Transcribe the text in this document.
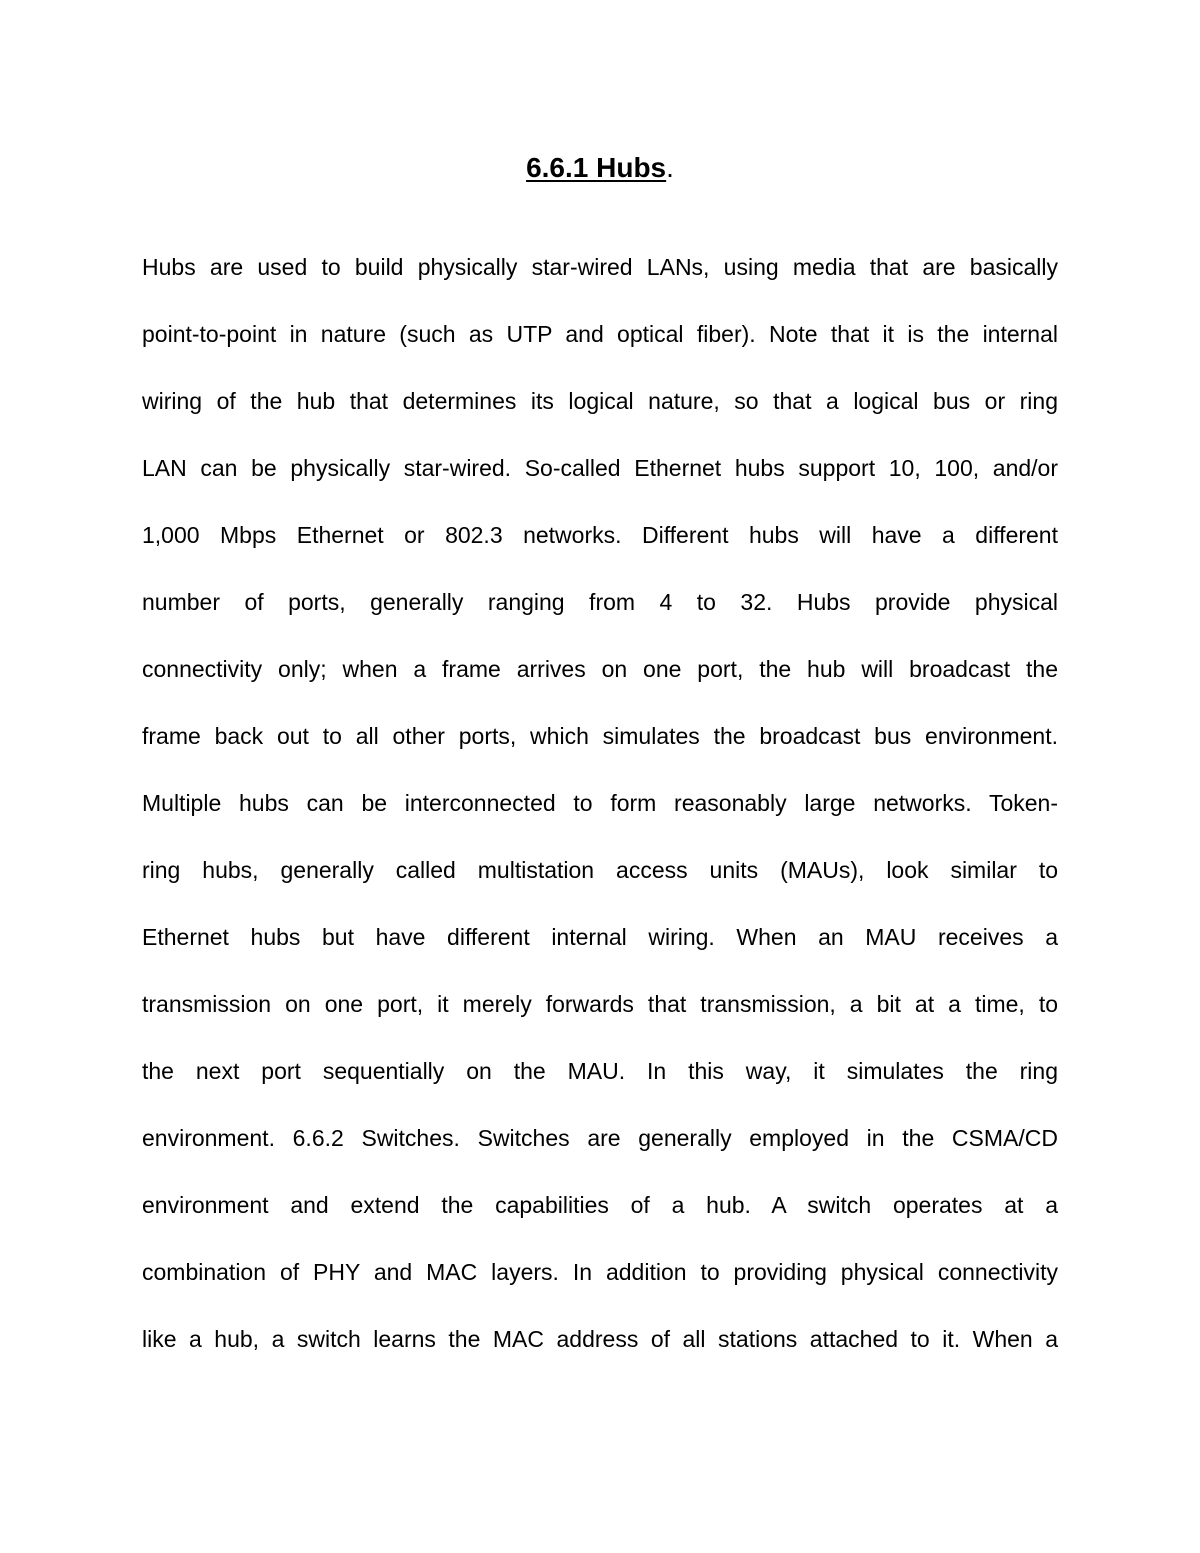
6.6.1 Hubs.
Hubs are used to build physically star-wired LANs, using media that are basically
point-to-point in nature (such as UTP and optical fiber). Note that it is the internal
wiring of the hub that determines its logical nature, so that a logical bus or ring
LAN can be physically star-wired. So-called Ethernet hubs support 10, 100, and/or
1,000 Mbps Ethernet or 802.3 networks. Different hubs will have a different
number of ports, generally ranging from 4 to 32. Hubs provide physical
connectivity only; when a frame arrives on one port, the hub will broadcast the
frame back out to all other ports, which simulates the broadcast bus environment.
Multiple hubs can be interconnected to form reasonably large networks. Token-
ring hubs, generally called multistation access units (MAUs), look similar to
Ethernet hubs but have different internal wiring. When an MAU receives a
transmission on one port, it merely forwards that transmission, a bit at a time, to
the next port sequentially on the MAU. In this way, it simulates the ring
environment. 6.6.2 Switches. Switches are generally employed in the CSMA/CD
environment and extend the capabilities of a hub. A switch operates at a
combination of PHY and MAC layers. In addition to providing physical connectivity
like a hub, a switch learns the MAC address of all stations attached to it. When a
